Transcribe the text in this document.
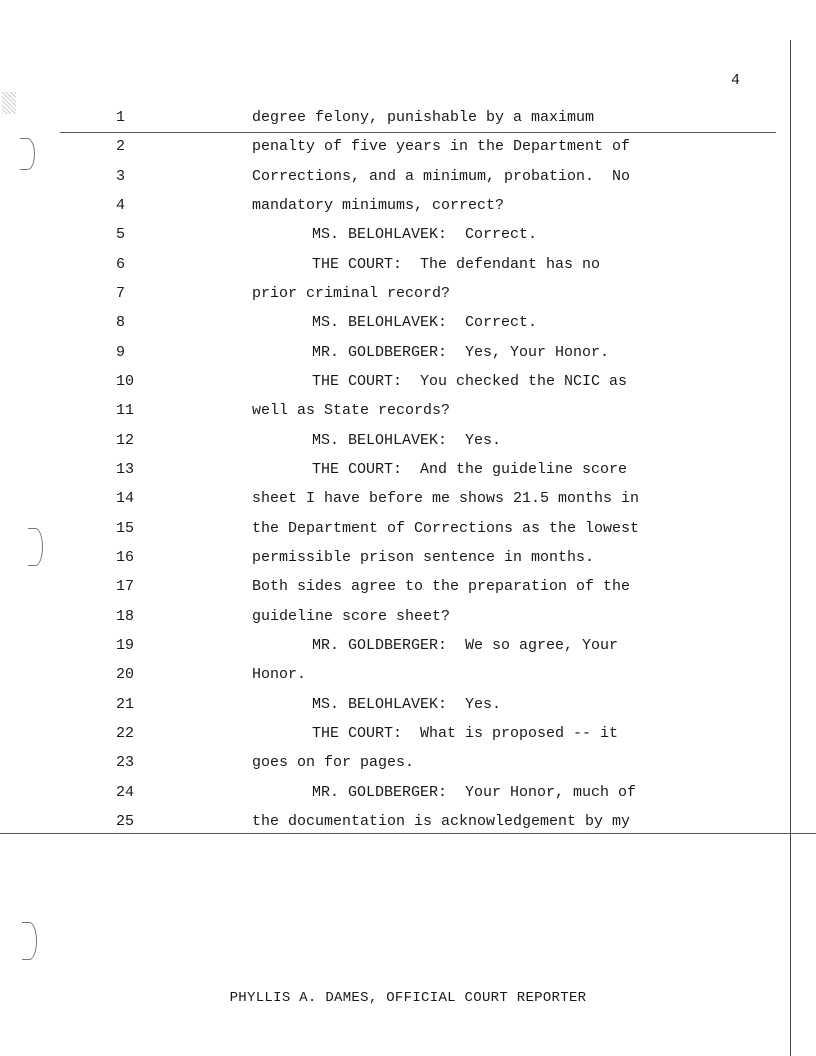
4
1	degree felony, punishable by a maximum
2	penalty of five years in the Department of
3	Corrections, and a minimum, probation.  No
4	mandatory minimums, correct?
5	MS. BELOHLAVEK:  Correct.
6	THE COURT:  The defendant has no
7	prior criminal record?
8	MS. BELOHLAVEK:  Correct.
9	MR. GOLDBERGER:  Yes, Your Honor.
10	THE COURT:  You checked the NCIC as
11	well as State records?
12	MS. BELOHLAVEK:  Yes.
13	THE COURT:  And the guideline score
14	sheet I have before me shows 21.5 months in
15	the Department of Corrections as the lowest
16	permissible prison sentence in months.
17	Both sides agree to the preparation of the
18	guideline score sheet?
19	MR. GOLDBERGER:  We so agree, Your
20	Honor.
21	MS. BELOHLAVEK:  Yes.
22	THE COURT:  What is proposed -- it
23	goes on for pages.
24	MR. GOLDBERGER:  Your Honor, much of
25	the documentation is acknowledgement by my
PHYLLIS A. DAMES, OFFICIAL COURT REPORTER
